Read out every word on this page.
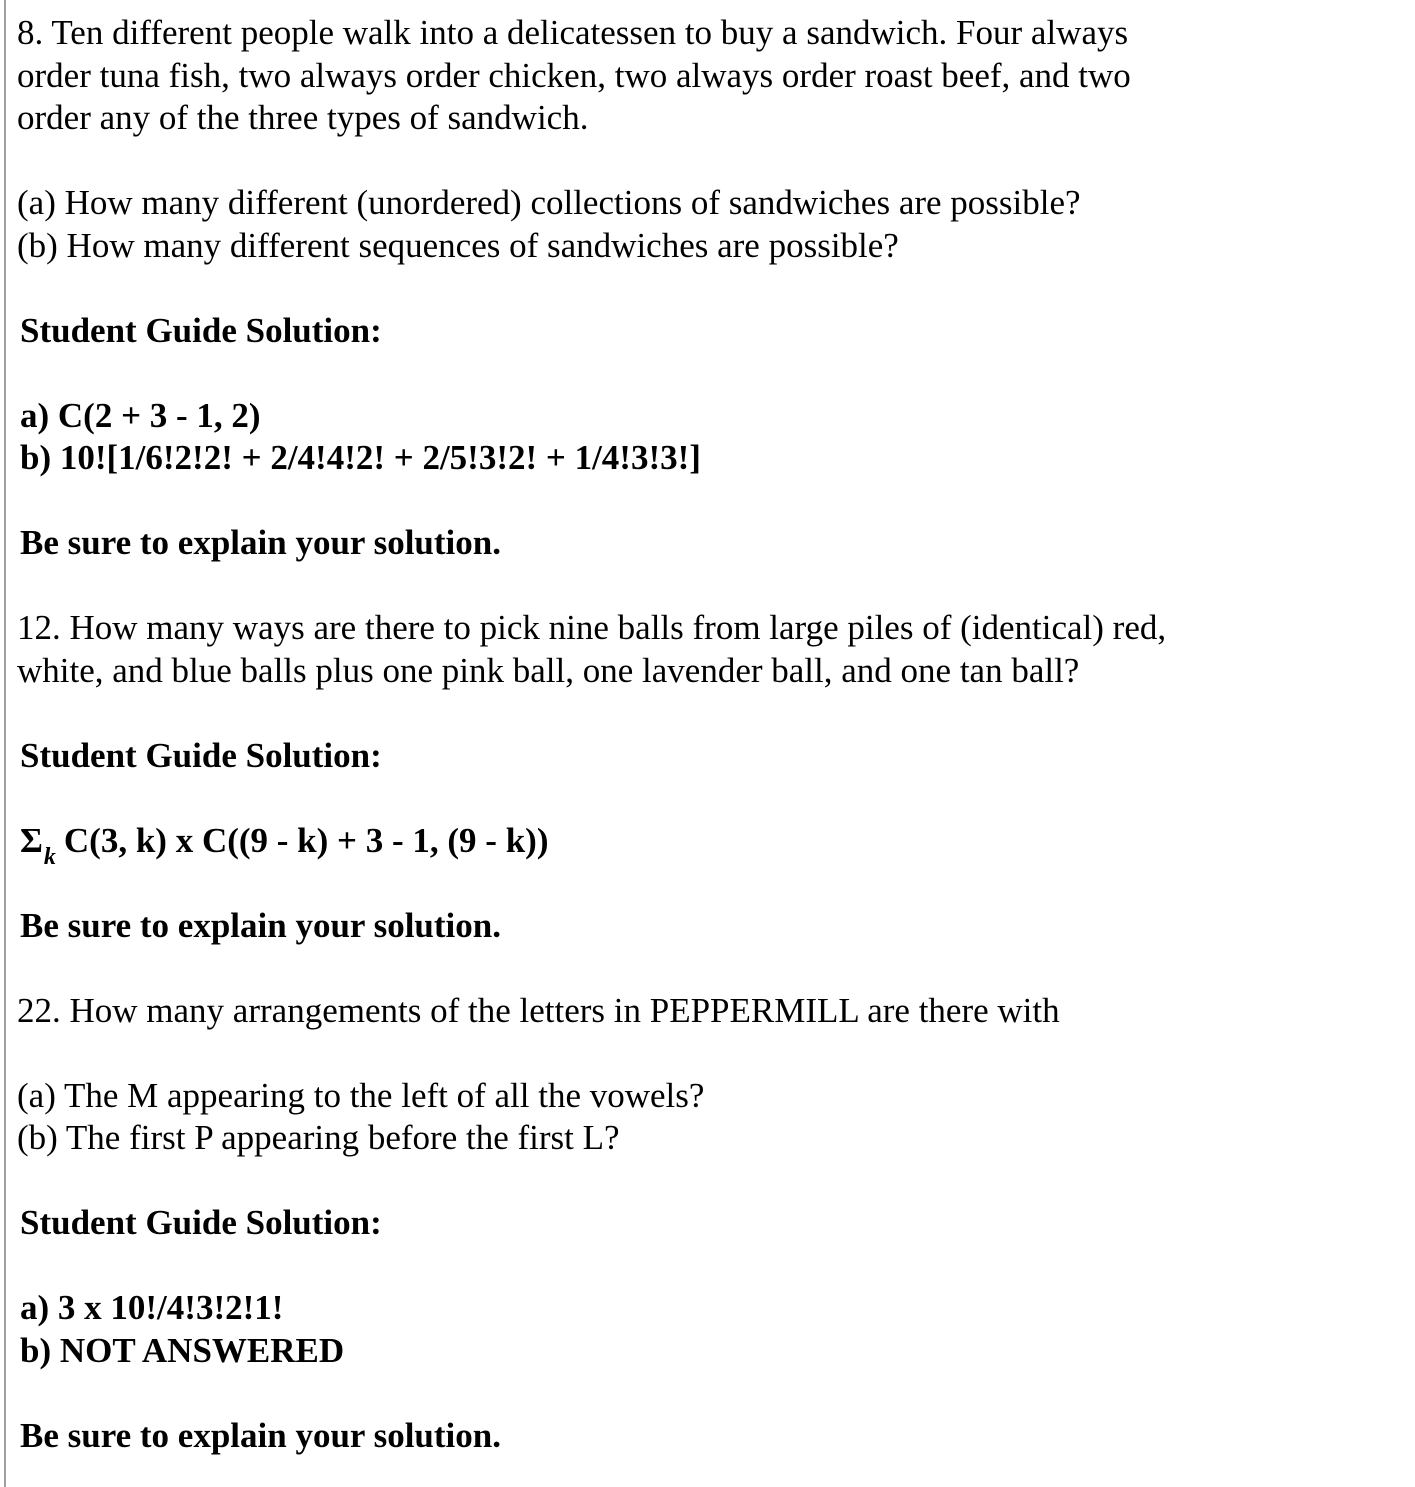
8. Ten different people walk into a delicatessen to buy a sandwich. Four always
order tuna fish, two always order chicken, two always order roast beef, and two
order any of the three types of sandwich.
(a) How many different (unordered) collections of sandwiches are possible?
(b) How many different sequences of sandwiches are possible?
Student Guide Solution:
a) C(2 + 3 - 1, 2)
b) 10![1/6!2!2! + 2/4!4!2! + 2/5!3!2! + 1/4!3!3!]
Be sure to explain your solution.
12. How many ways are there to pick nine balls from large piles of (identical) red,
white, and blue balls plus one pink ball, one lavender ball, and one tan ball?
Student Guide Solution:
$\Sigma_k$ C(3, k) x C((9 - k) + 3 - 1, (9 - k))
Be sure to explain your solution.
22. How many arrangements of the letters in PEPPERMILL are there with
(a) The M appearing to the left of all the vowels?
(b) The first P appearing before the first L?
Student Guide Solution:
a) 3 x 10!/4!3!2!1!
b) NOT ANSWERED
Be sure to explain your solution.
